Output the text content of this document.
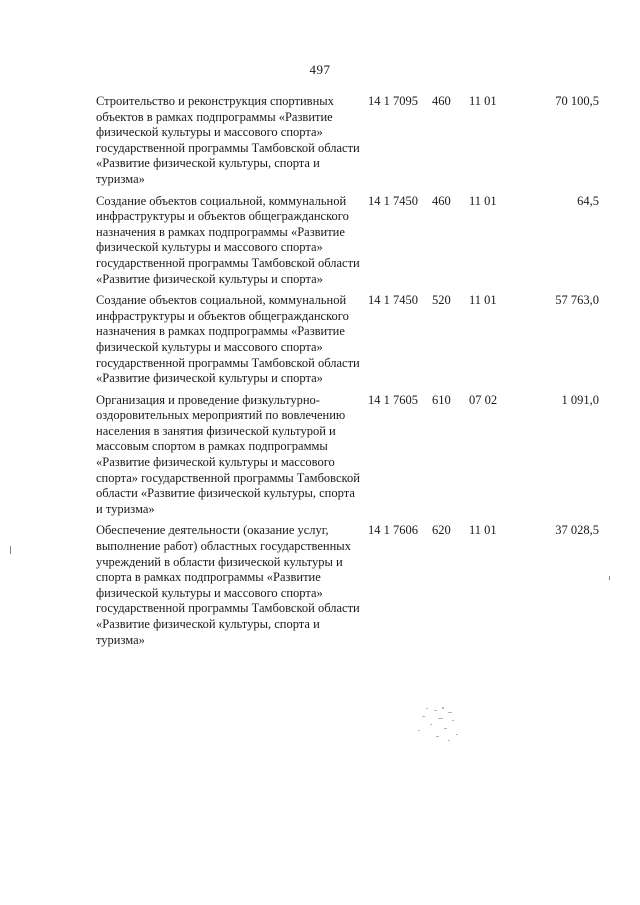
497
Строительство и реконструкция спортивных объектов в рамках подпрограммы «Развитие физической культуры и массового спорта» государственной программы Тамбовской области «Развитие физической культуры, спорта и туризма»
14 1 7095 460 11 01	70 100,5
Создание объектов социальной, коммунальной инфраструктуры и объектов общегражданского назначения в рамках подпрограммы «Развитие физической культуры и массового спорта» государственной программы Тамбовской области «Развитие физической культуры и спорта»
14 1 7450 460 11 01	64,5
Создание объектов социальной, коммунальной инфраструктуры и объектов общегражданского назначения в рамках подпрограммы «Развитие физической культуры и массового спорта» государственной программы Тамбовской области «Развитие физической культуры и спорта»
14 1 7450 520 11 01	57 763,0
Организация и проведение физкультурно-оздоровительных мероприятий по вовлечению населения в занятия физической культурой и массовым спортом в рамках подпрограммы «Развитие физической культуры и массового спорта» государственной программы Тамбовской области «Развитие физической культуры, спорта и туризма»
14 1 7605 610 07 02	1 091,0
Обеспечение деятельности (оказание услуг, выполнение работ) областных государственных учреждений в области физической культуры и спорта в рамках подпрограммы «Развитие физической культуры и массового спорта» государственной программы Тамбовской области «Развитие физической культуры, спорта и туризма»
14 1 7606 620 11 01	37 028,5
